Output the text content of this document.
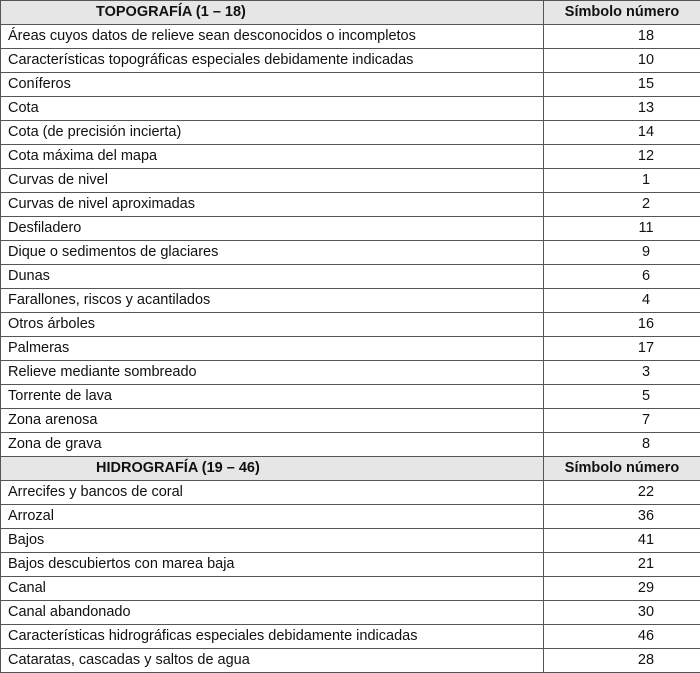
TOPOGRAFÍA (1 – 18)	Símbolo número
Áreas cuyos datos de relieve sean desconocidos o incompletos	18
Características topográficas especiales debidamente indicadas	10
Coníferos	15
Cota	13
Cota (de precisión incierta)	14
Cota máxima del mapa	12
Curvas de nivel	1
Curvas de nivel aproximadas	2
Desfiladero	11
Dique o sedimentos de glaciares	9
Dunas	6
Farallones, riscos y acantilados	4
Otros árboles	16
Palmeras	17
Relieve mediante sombreado	3
Torrente de lava	5
Zona arenosa	7
Zona de grava	8
HIDROGRAFÍA (19 – 46)	Símbolo número
Arrecifes y bancos de coral	22
Arrozal	36
Bajos	41
Bajos descubiertos con marea baja	21
Canal	29
Canal abandonado	30
Características hidrográficas especiales debidamente indicadas	46
Cataratas, cascadas y saltos de agua	28
